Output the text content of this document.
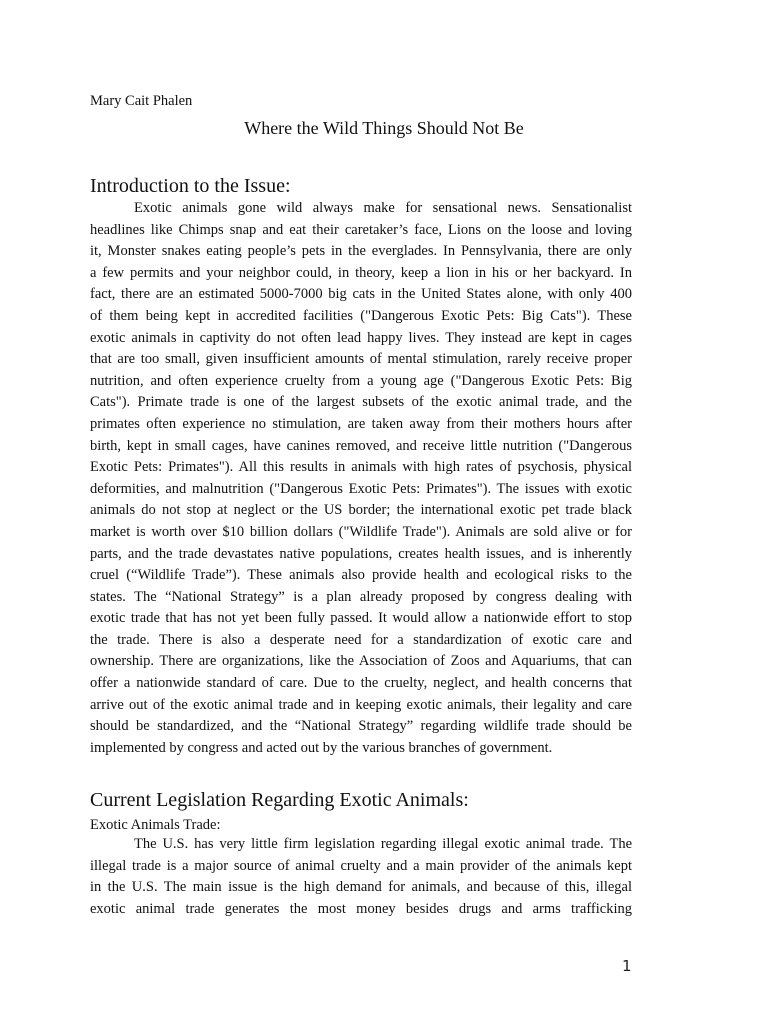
Mary Cait Phalen
Where the Wild Things Should Not Be
Introduction to the Issue:
Exotic animals gone wild always make for sensational news. Sensationalist
headlines like Chimps snap and eat their caretaker’s face, Lions on the loose and loving
it, Monster snakes eating people’s pets in the everglades. In Pennsylvania, there are only
a few permits and your neighbor could, in theory, keep a lion in his or her backyard. In
fact, there are an estimated 5000-7000 big cats in the United States alone, with only 400
of them being kept in accredited facilities ("Dangerous Exotic Pets: Big Cats"). These
exotic animals in captivity do not often lead happy lives. They instead are kept in cages
that are too small, given insufficient amounts of mental stimulation, rarely receive proper
nutrition, and often experience cruelty from a young age ("Dangerous Exotic Pets: Big
Cats"). Primate trade is one of the largest subsets of the exotic animal trade, and the
primates often experience no stimulation, are taken away from their mothers hours after
birth, kept in small cages, have canines removed, and receive little nutrition ("Dangerous
Exotic Pets: Primates"). All this results in animals with high rates of psychosis, physical
deformities, and malnutrition ("Dangerous Exotic Pets: Primates"). The issues with exotic
animals do not stop at neglect or the US border; the international exotic pet trade black
market is worth over $10 billion dollars ("Wildlife Trade"). Animals are sold alive or for
parts, and the trade devastates native populations, creates health issues, and is inherently
cruel (“Wildlife Trade”). These animals also provide health and ecological risks to the
states. The “National Strategy” is a plan already proposed by congress dealing with
exotic trade that has not yet been fully passed. It would allow a nationwide effort to stop
the trade. There is also a desperate need for a standardization of exotic care and
ownership. There are organizations, like the Association of Zoos and Aquariums, that can
offer a nationwide standard of care. Due to the cruelty, neglect, and health concerns that
arrive out of the exotic animal trade and in keeping exotic animals, their legality and care
should be standardized, and the “National Strategy” regarding wildlife trade should be
implemented by congress and acted out by the various branches of government.
Current Legislation Regarding Exotic Animals:
Exotic Animals Trade:
The U.S. has very little firm legislation regarding illegal exotic animal trade. The
illegal trade is a major source of animal cruelty and a main provider of the animals kept
in the U.S. The main issue is the high demand for animals, and because of this, illegal
exotic animal trade generates the most money besides drugs and arms trafficking
1
